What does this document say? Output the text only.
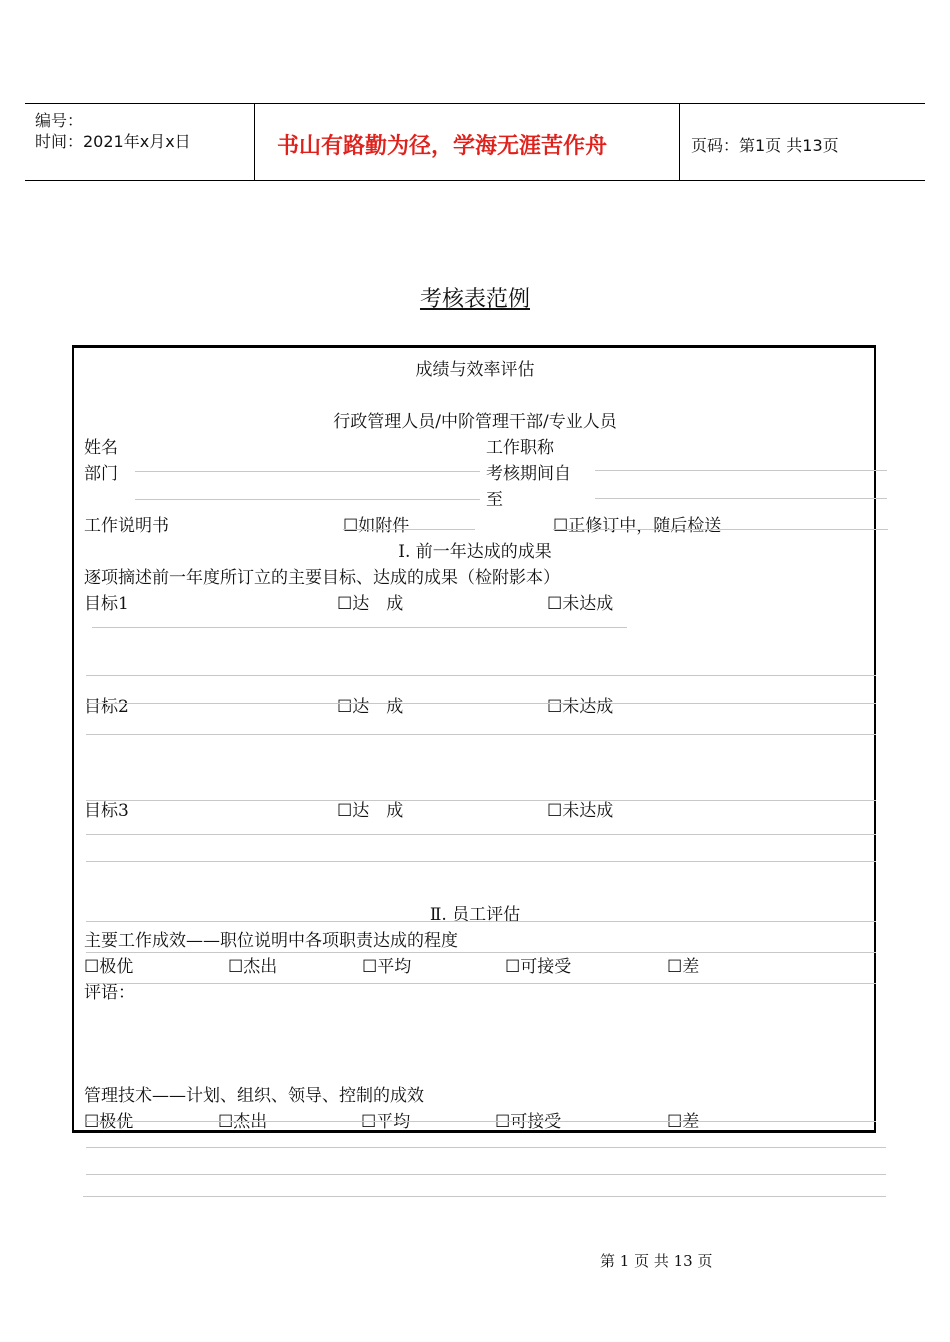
编号：
时间：2021年x月x日	书山有路勤为径，学海无涯苦作舟	页码：第1页 共13页
考核表范例
成绩与效率评估
行政管理人员/中阶管理干部/专业人员
姓名	工作职称
部门	考核期间自
至
工作说明书	☐如附件	☐正修订中，随后检送
Ⅰ. 前一年达成的成果
逐项摘述前一年度所订立的主要目标、达成的成果（检附影本）
目标1	☐达　成	☐未达成
目标2	☐达　成	☐未达成
目标3	☐达　成	☐未达成
Ⅱ. 员工评估
主要工作成效——职位说明中各项职责达成的程度
☐极优	☐杰出	☐平均	☐可接受	☐差
评语：
管理技术——计划、组织、领导、控制的成效
☐极优	☐杰出	☐平均	☐可接受	☐差
第 1 页 共 13 页
